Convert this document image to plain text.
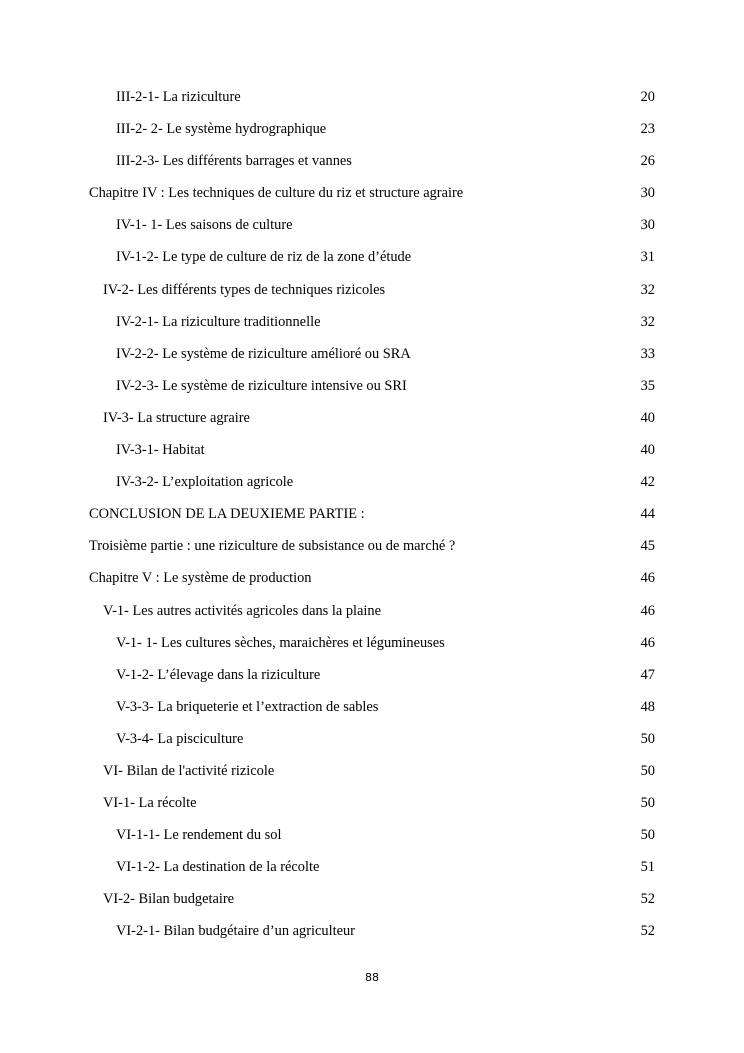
III-2-1- La riziculture	20
III-2- 2- Le système hydrographique	23
III-2-3- Les différents barrages et vannes	26
Chapitre IV : Les techniques de culture du riz et structure agraire	30
IV-1- 1- Les saisons de culture	30
IV-1-2- Le type de culture de riz de la zone d’étude	31
IV-2- Les différents types de techniques rizicoles	32
IV-2-1- La riziculture traditionnelle	32
IV-2-2- Le système de riziculture amélioré ou SRA	33
IV-2-3- Le système de riziculture intensive ou SRI	35
IV-3- La structure agraire	40
IV-3-1- Habitat	40
IV-3-2- L’exploitation agricole	42
CONCLUSION DE LA DEUXIEME PARTIE :	44
Troisième partie : une riziculture de subsistance ou de marché ?	45
Chapitre V : Le système de production	46
V-1- Les autres activités agricoles dans la plaine	46
V-1- 1- Les cultures sèches, maraichères et légumineuses	46
V-1-2- L’élevage dans la riziculture	47
V-3-3- La briqueterie et l’extraction de sables	48
V-3-4- La pisciculture	50
VI- Bilan de l'activité rizicole	50
VI-1- La récolte	50
VI-1-1- Le rendement du sol	50
VI-1-2- La destination de la récolte	51
VI-2- Bilan budgetaire	52
VI-2-1- Bilan budgétaire d’un agriculteur	52
88
